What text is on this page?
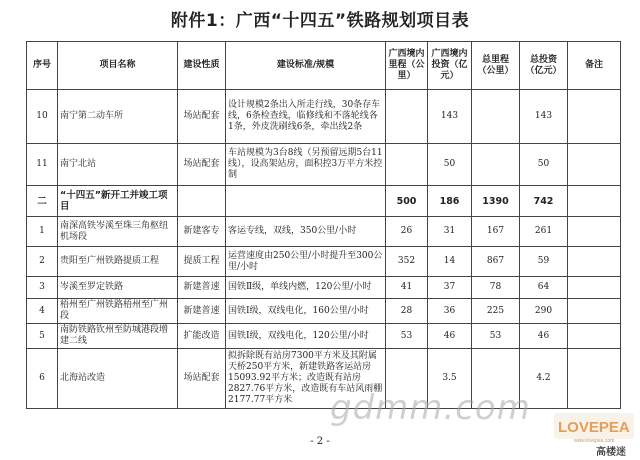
附件1：广西“十四五”铁路规划项目表
序号	项目名称	建设性质	建设标准/规模	广西境内里程（公里）	广西境内投资（亿元）	总里程（公里）	总投资（亿元）	备注
10	南宁第二动车所	场站配套	设计规模2条出入所走行线，30条存车线，6条检查线，临修线和不落轮线各1条，外皮洗刷线6条，牵出线2条		143		143	
11	南宁北站	场站配套	车站规模为3台8线（另预留远期5台11线），设高架站房，面积控3万平方米控制		50		50	
二	“十四五”新开工并竣工项目			500	186	1390	742	
1	南深高铁岑溪至珠三角枢纽机场段	新建客专	客运专线，双线，350公里/小时	26	31	167	261	
2	贵阳至广州铁路提质工程	提质工程	运营速度由250公里/小时提升至300公里/小时	352	14	867	59	
3	岑溪至罗定铁路	新建普速	国铁Ⅱ级，单线内燃，120公里/小时	41	37	78	64	
4	梧州至广州铁路梧州至广州段	新建普速	国铁Ⅰ级，双线电化，160公里/小时	28	36	225	290	
5	南防铁路钦州至防城港段增建二线	扩能改造	国铁Ⅰ级，双线电化，120公里/小时	53	46	53	46	
6	北海站改造	场站配套	拟拆除既有站房7300平方米及其附属天桥250平方米，新建铁路客运站房15093.92平方米；改造既有站房2827.76平方米，改造既有车站风雨棚2177.77平方米		3.5		4.2	
gdmm.com LOVEPEA
www.lovepea.com
高楼迷
- 2 -
